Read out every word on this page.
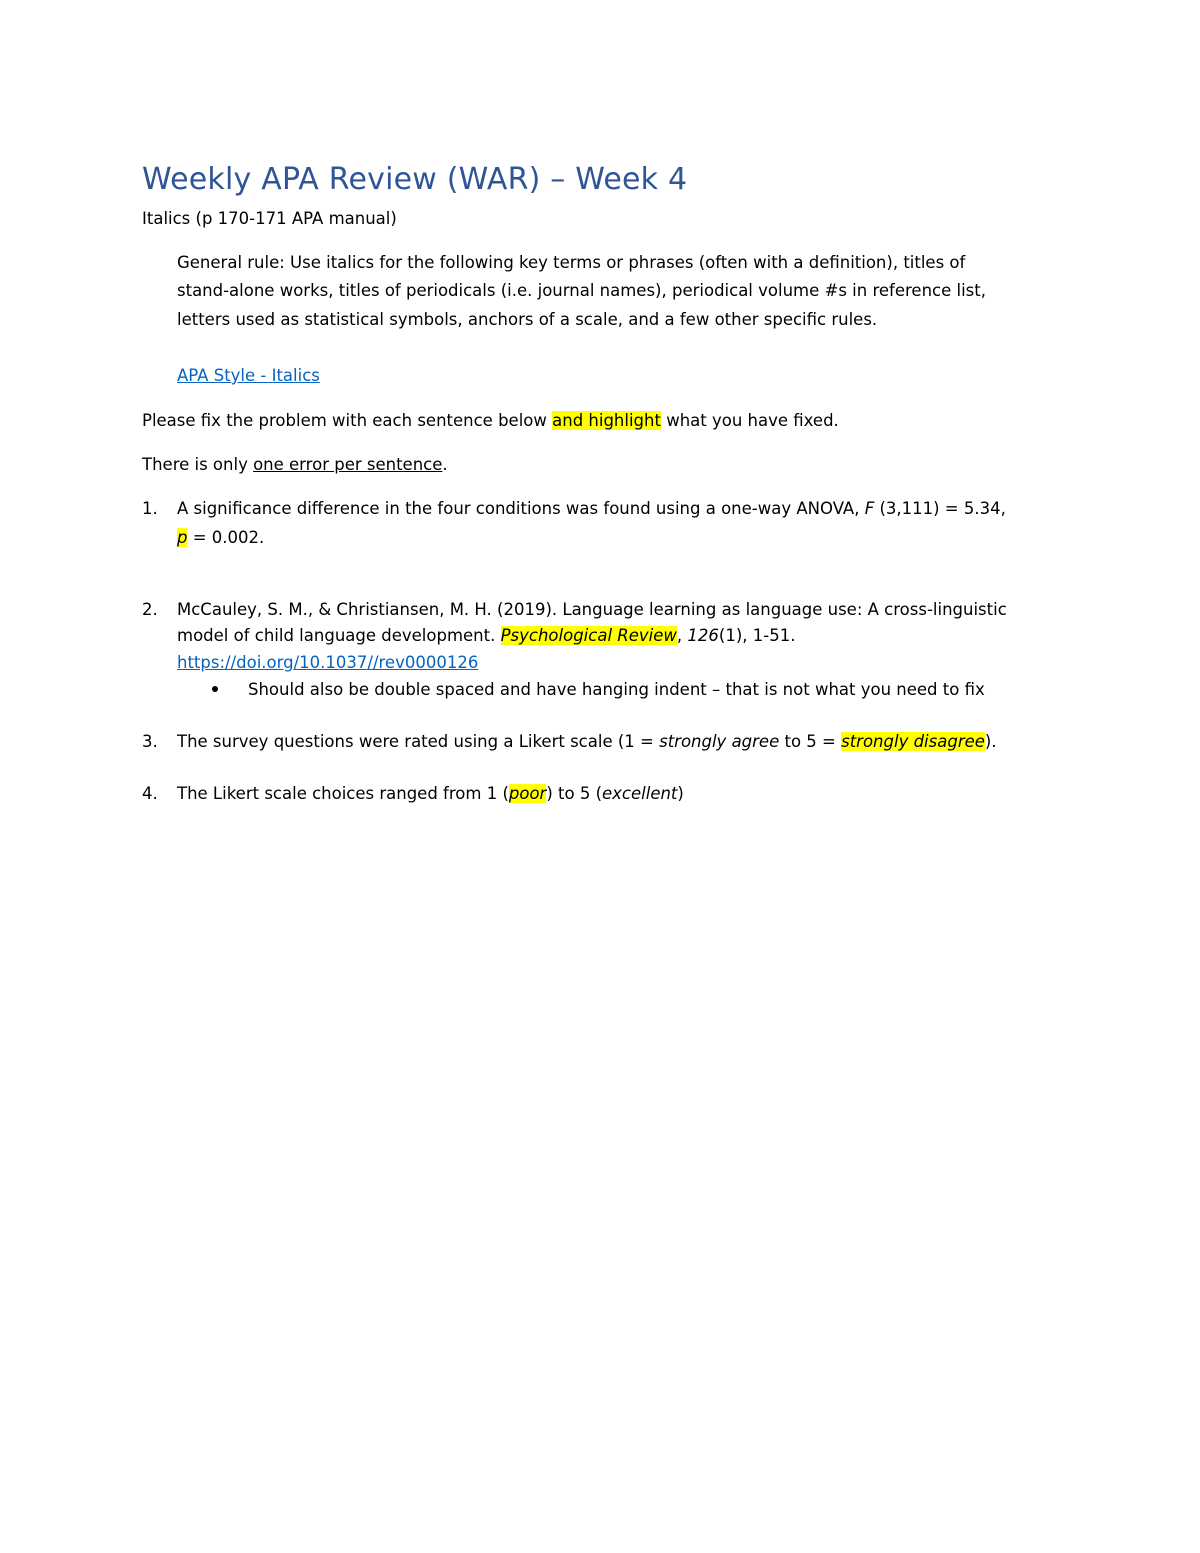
Weekly APA Review (WAR) – Week 4
Italics (p 170-171 APA manual)
General rule: Use italics for the following key terms or phrases (often with a definition), titles of
stand-alone works, titles of periodicals (i.e. journal names), periodical volume #s in reference list,
letters used as statistical symbols, anchors of a scale, and a few other specific rules.
APA Style - Italics
Please fix the problem with each sentence below and highlight what you have fixed.
There is only one error per sentence.
1. A significance difference in the four conditions was found using a one-way ANOVA, F (3,111) = 5.34,
p = 0.002.
2. McCauley, S. M., & Christiansen, M. H. (2019). Language learning as language use: A cross-linguistic
model of child language development. Psychological Review, 126(1), 1-51.
https://doi.org/10.1037//rev0000126
Should also be double spaced and have hanging indent – that is not what you need to fix
3. The survey questions were rated using a Likert scale (1 = strongly agree to 5 = strongly disagree).
4. The Likert scale choices ranged from 1 (poor) to 5 (excellent)
